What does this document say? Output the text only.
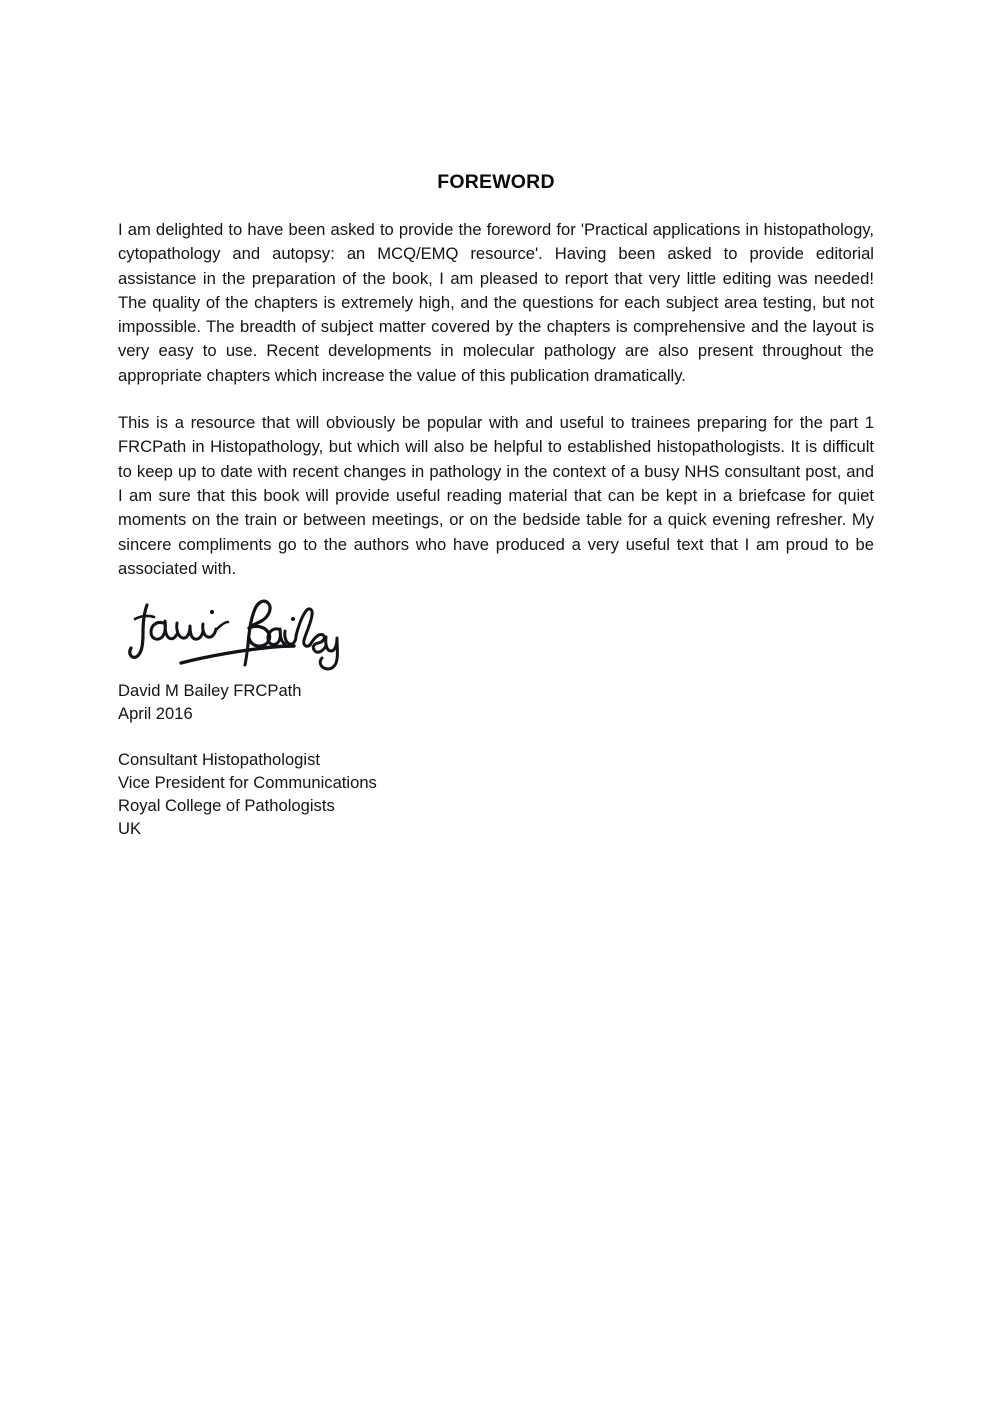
FOREWORD

I am delighted to have been asked to provide the foreword for 'Practical applications in histopathology, cytopathology and autopsy: an MCQ/EMQ resource'. Having been asked to provide editorial assistance in the preparation of the book, I am pleased to report that very little editing was needed! The quality of the chapters is extremely high, and the questions for each subject area testing, but not impossible. The breadth of subject matter covered by the chapters is comprehensive and the layout is very easy to use. Recent developments in molecular pathology are also present throughout the appropriate chapters which increase the value of this publication dramatically.

This is a resource that will obviously be popular with and useful to trainees preparing for the part 1 FRCPath in Histopathology, but which will also be helpful to established histopathologists. It is difficult to keep up to date with recent changes in pathology in the context of a busy NHS consultant post, and I am sure that this book will provide useful reading material that can be kept in a briefcase for quiet moments on the train or between meetings, or on the bedside table for a quick evening refresher. My sincere compliments go to the authors who have produced a very useful text that I am proud to be associated with.

David M Bailey FRCPath
April 2016
Consultant Histopathologist
Vice President for Communications
Royal College of Pathologists
UK
